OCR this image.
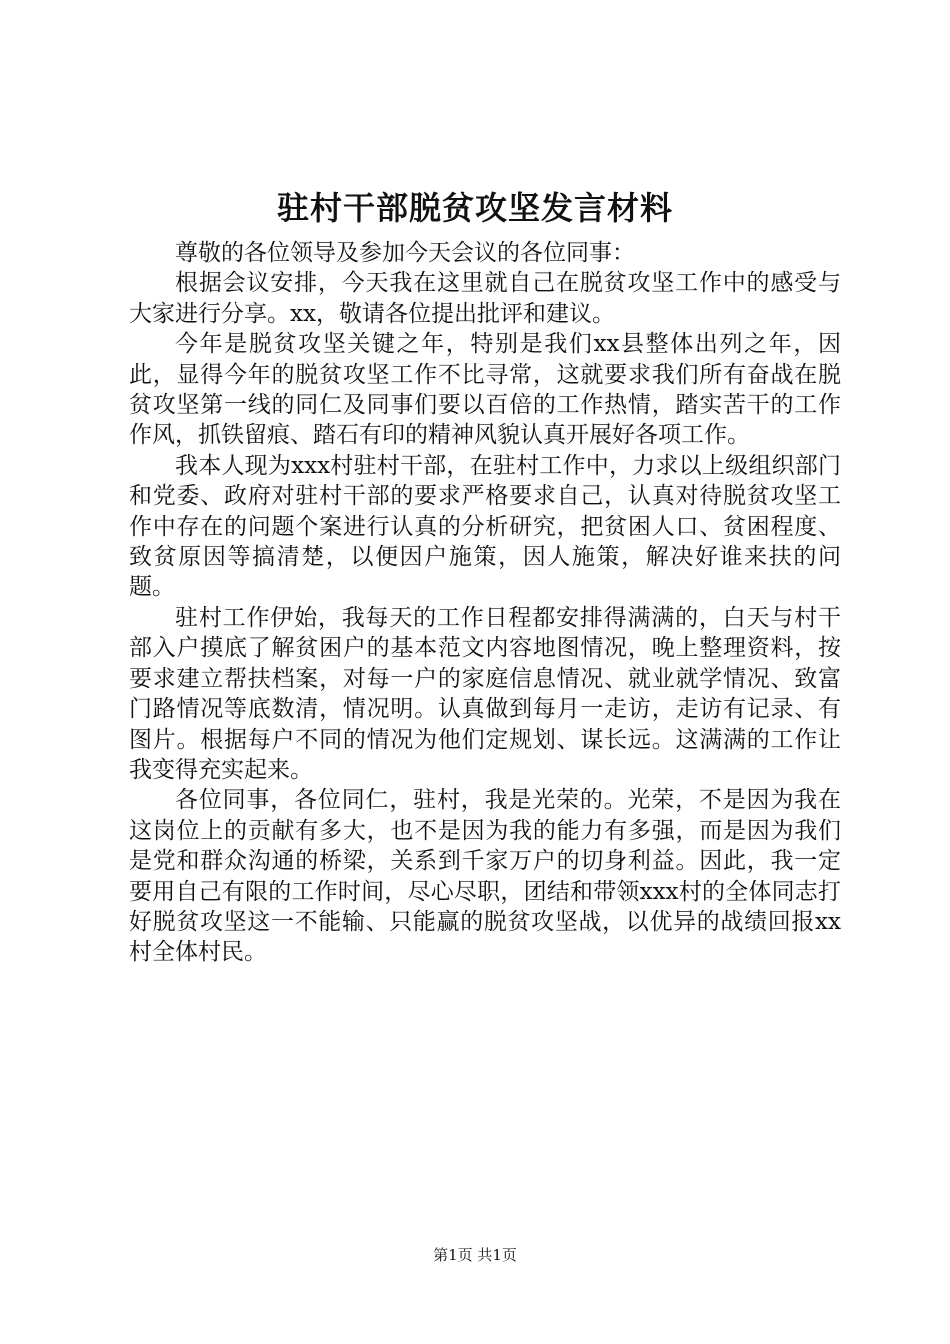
驻村干部脱贫攻坚发言材料

尊敬的各位领导及参加今天会议的各位同事：

根据会议安排，今天我在这里就自己在脱贫攻坚工作中的感受与大家进行分享。xx，敬请各位提出批评和建议。

今年是脱贫攻坚关键之年，特别是我们xx县整体出列之年，因此，显得今年的脱贫攻坚工作不比寻常，这就要求我们所有奋战在脱贫攻坚第一线的同仁及同事们要以百倍的工作热情，踏实苦干的工作作风，抓铁留痕、踏石有印的精神风貌认真开展好各项工作。

我本人现为xxx村驻村干部，在驻村工作中，力求以上级组织部门和党委、政府对驻村干部的要求严格要求自己，认真对待脱贫攻坚工作中存在的问题个案进行认真的分析研究，把贫困人口、贫困程度、致贫原因等搞清楚，以便因户施策，因人施策，解决好谁来扶的问题。

驻村工作伊始，我每天的工作日程都安排得满满的，白天与村干部入户摸底了解贫困户的基本范文内容地图情况，晚上整理资料，按要求建立帮扶档案，对每一户的家庭信息情况、就业就学情况、致富门路情况等底数清，情况明。认真做到每月一走访，走访有记录、有图片。根据每户不同的情况为他们定规划、谋长远。这满满的工作让我变得充实起来。

各位同事，各位同仁，驻村，我是光荣的。光荣，不是因为我在这岗位上的贡献有多大，也不是因为我的能力有多强，而是因为我们是党和群众沟通的桥梁，关系到千家万户的切身利益。因此，我一定要用自己有限的工作时间，尽心尽职，团结和带领xxx村的全体同志打好脱贫攻坚这一不能输、只能赢的脱贫攻坚战，以优异的战绩回报xx村全体村民。

第1页 共1页
